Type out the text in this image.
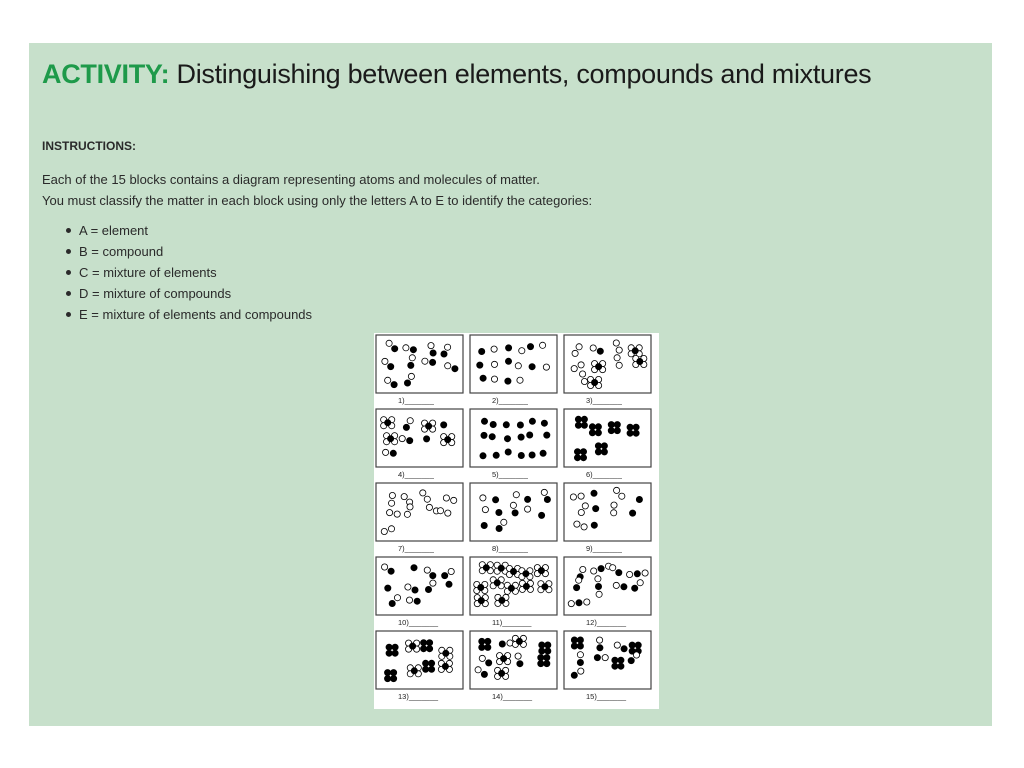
ACTIVITY: Distinguishing between elements, compounds and mixtures

INSTRUCTIONS:

Each of the 15 blocks contains a diagram representing atoms and molecules of matter.
You must classify the matter in each block using only the letters A to E to identify the categories:

A = element
B = compound
C = mixture of elements
D = mixture of compounds
E = mixture of elements and compounds
1)_______	2)_______	3)_______
4)_______	5)_______	6)_______
7)_______	8)_______	9)_______
10)_______	11)_______	12)_______
13)_______	14)_______	15)_______
